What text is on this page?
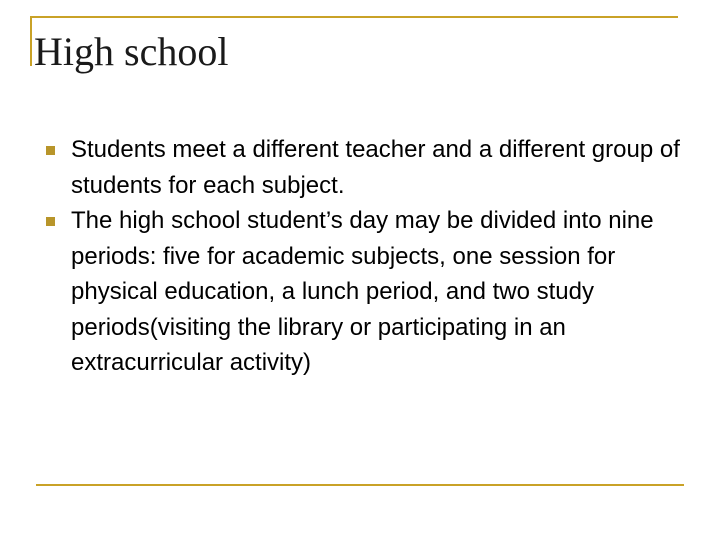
High school
Students meet a different teacher and a different group of students for each subject.
The high school student’s day may be divided into nine periods: five for academic subjects, one session for physical education, a lunch period, and two study periods(visiting the library or participating in an extracurricular activity)
